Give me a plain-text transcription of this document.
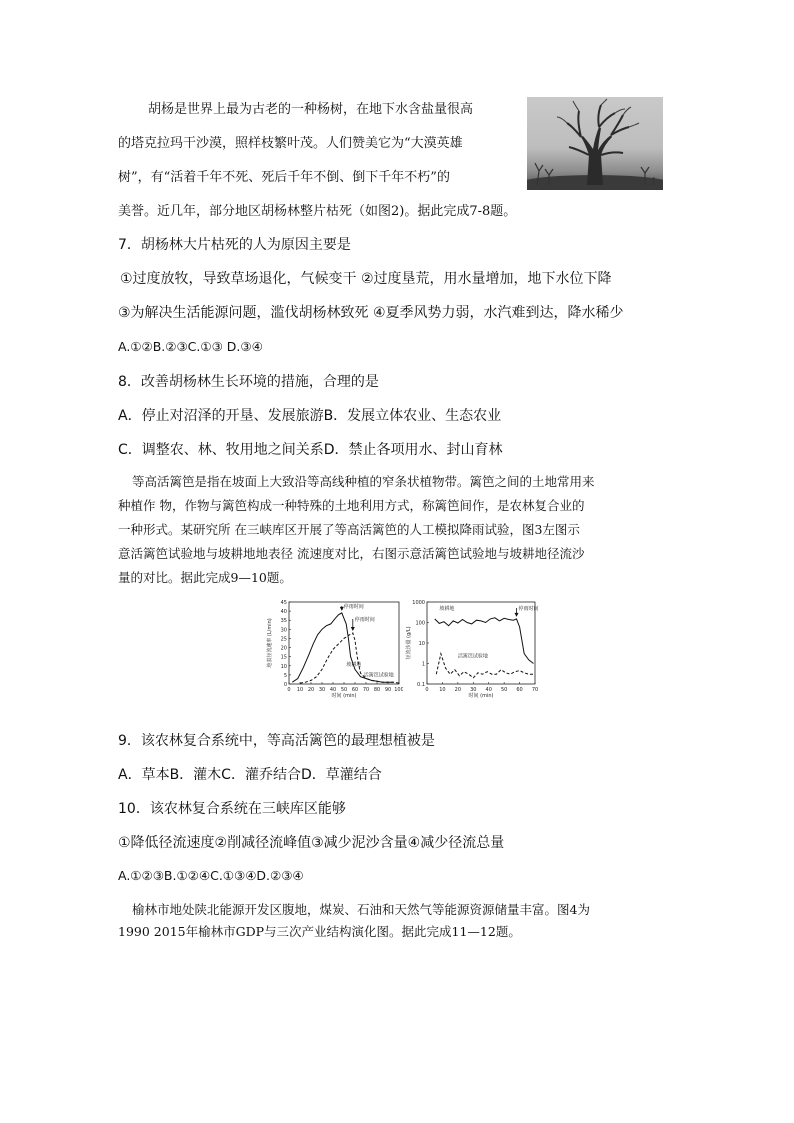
胡杨是世界上最为古老的一种杨树，在地下水含盐量很高
的塔克拉玛干沙漠，照样枝繁叶茂。人们赞美它为“大漠英雄
树”，有“活着千年不死、死后千年不倒、倒下千年不朽”的
美誉。近几年，部分地区胡杨林整片枯死（如图2)。据此完成7-8题。
7．胡杨林大片枯死的人为原因主要是
①过度放牧，导致草场退化，气候变干 ②过度垦荒，用水量增加，地下水位下降
③为解决生活能源问题，滥伐胡杨林致死 ④夏季风势力弱，水汽难到达，降水稀少
A.①②B.②③C.①③ D.③④
8．改善胡杨林生长环境的措施，合理的是
A．停止对沼泽的开垦、发展旅游B．发展立体农业、生态农业
C．调整农、林、牧用地之间关系D．禁止各项用水、封山育林
等高活篱笆是指在坡面上大致沿等高线种植的窄条状植物带。篱笆之间的土地常用来
种植作 物，作物与篱笆构成一种特殊的土地利用方式，称篱笆间作，是农林复合业的
一种形式。某研究所 在三峡库区开展了等高活篱笆的人工模拟降雨试验，图3左图示
意活篱笆试验地与坡耕地地表径 流速度对比，右图示意活篱笆试验地与坡耕地径流沙
量的对比。据此完成9—10题。
0
5
10
15
20
25
30
35
40
45
0 10 20 30 40 50 60 70 80 90 100
时间 (min)
地表径流速率 (L/min)
停雨时间
停雨时间
坡耕地
活篱笆试验地
0.1
1
10
100
1000
0 10 20 30 40 50 60 70
时间 (min)
径流沙量 (g/L)
坡耕地	停雨时间
活篱笆试验地
9．该农林复合系统中，等高活篱笆的最理想植被是
A．草本B．灌木C．灌乔结合D．草灌结合
10．该农林复合系统在三峡库区能够
①降低径流速度②削减径流峰值③减少泥沙含量④减少径流总量
A.①②③B.①②④C.①③④D.②③④
榆林市地处陕北能源开发区腹地，煤炭、石油和天然气等能源资源储量丰富。图4为
1990 2015年榆林市GDP与三次产业结构演化图。据此完成11—12题。
